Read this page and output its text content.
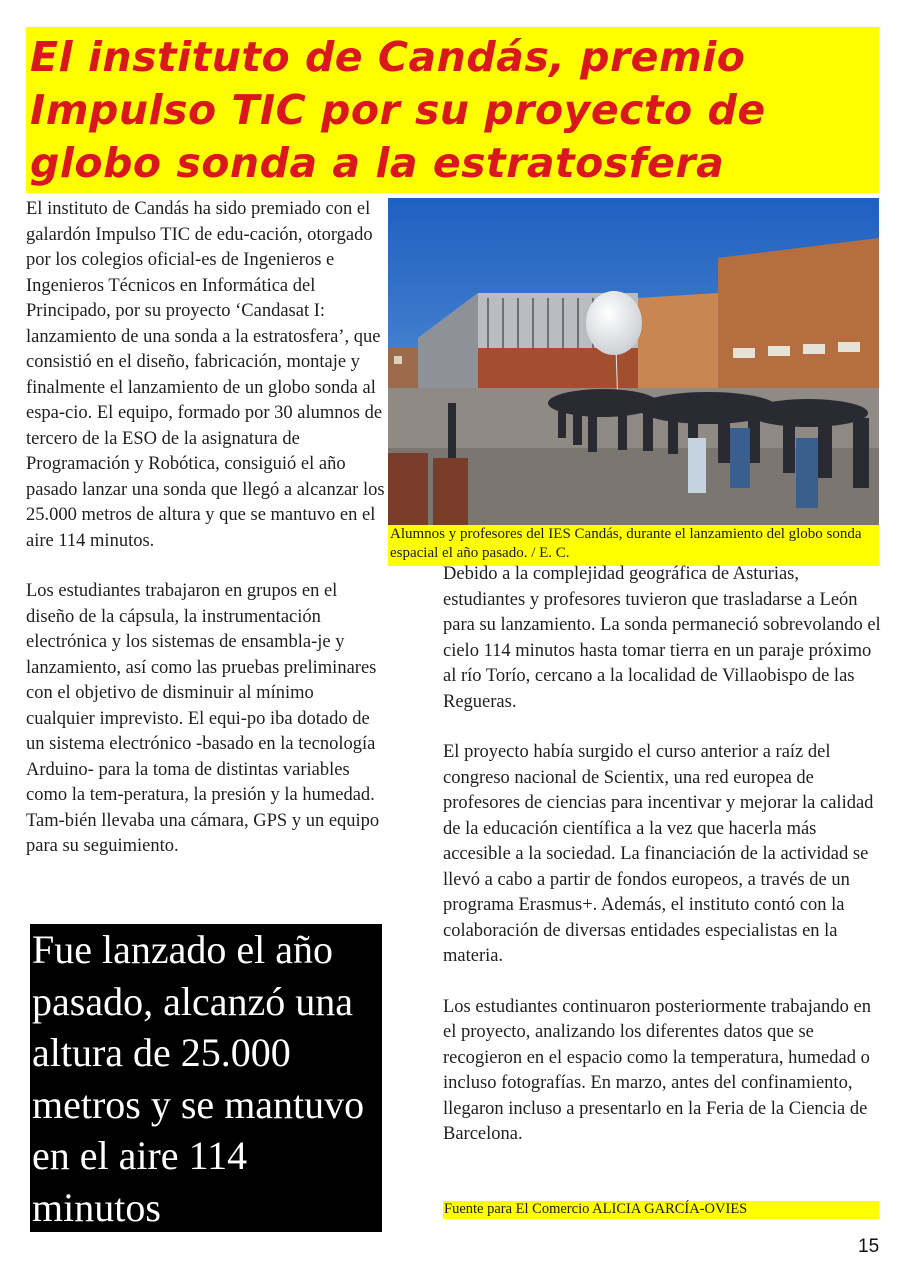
El instituto de Candás, premio Impulso TIC por su proyecto de globo sonda a la estratosfera

El instituto de Candás ha sido premiado con el galardón Impulso TIC de edu-cación, otorgado por los colegios oficial-es de Ingenieros e Ingenieros Técnicos en Informática del Principado, por su proyecto ‘Candasat I: lanzamiento de una sonda a la estratosfera’, que consistió en el diseño, fabricación, montaje y finalmente el lanzamiento de un globo sonda al espa-cio. El equipo, formado por 30 alumnos de tercero de la ESO de la asignatura de Programación y Robótica, consiguió el año pasado lanzar una sonda que llegó a alcanzar los 25.000 metros de altura y que se mantuvo en el aire 114 minutos.

Los estudiantes trabajaron en grupos en el diseño de la cápsula, la instrumentación electrónica y los sistemas de ensambla-je y lanzamiento, así como las pruebas preliminares con el objetivo de disminuir al mínimo cualquier imprevisto. El equi-po iba dotado de un sistema electrónico -basado en la tecnología Arduino- para la toma de distintas variables como la tem-peratura, la presión y la humedad. Tam-bién llevaba una cámara, GPS y un equipo para su seguimiento.

Alumnos y profesores del IES Candás, durante el lanzamiento del globo sonda espacial el año pasado. / E. C.

Debido a la complejidad geográfica de Asturias, estudiantes y profesores tuvieron que trasladarse a León para su lanzamiento. La sonda permaneció sobrevolando el cielo 114 minutos hasta tomar tierra en un paraje próximo al río Torío, cercano a la localidad de Villaobispo de las Regueras.

El proyecto había surgido el curso anterior a raíz del congreso nacional de Scientix, una red europea de profesores de ciencias para incentivar y mejorar la calidad de la educación científica a la vez que hacerla más accesible a la sociedad. La financiación de la actividad se llevó a cabo a partir de fondos europeos, a través de un programa Erasmus+. Además, el instituto contó con la colaboración de diversas entidades especialistas en la materia.

Los estudiantes continuaron posteriormente trabajando en el proyecto, analizando los diferentes datos que se recogieron en el espacio como la temperatura, humedad o incluso fotografías. En marzo, antes del confinamiento, llegaron incluso a presentarlo en la Feria de la Ciencia de Barcelona.

Fue lanzado el año pasado, alcanzó una altura de 25.000 metros y se mantuvo en el aire 114 minutos	Fuente para El Comercio ALICIA GARCÍA-OVIES
15
